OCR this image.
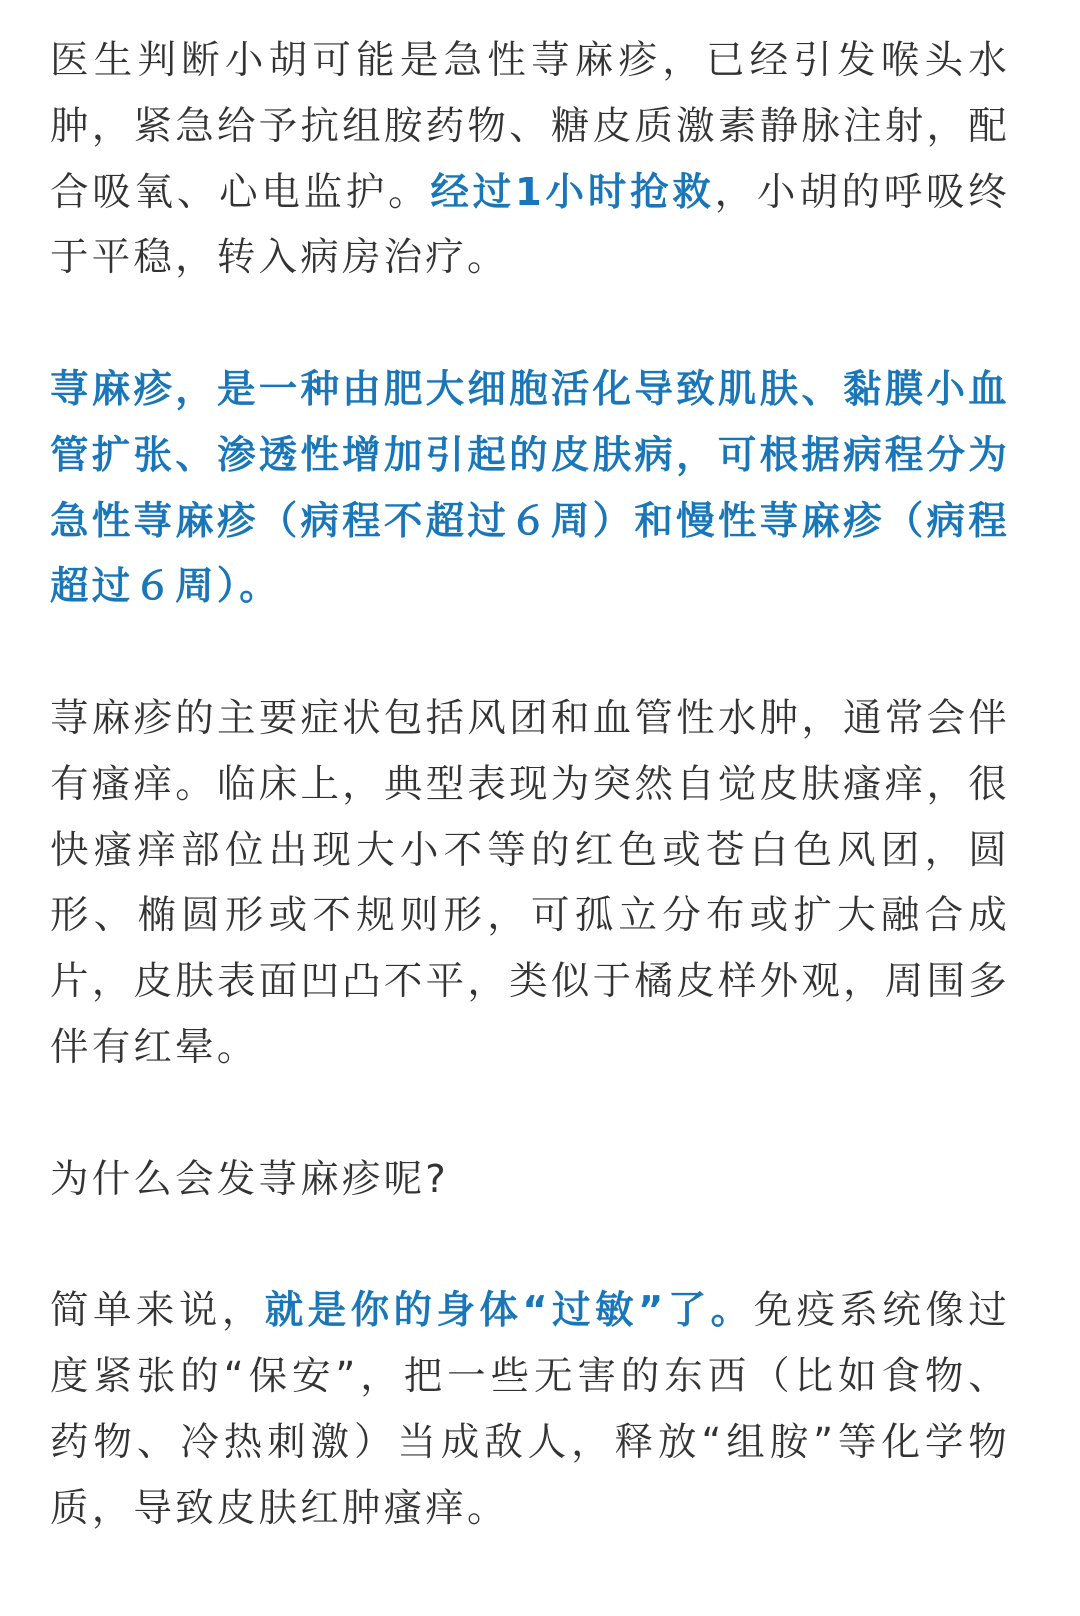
医生判断小胡可能是急性荨麻疹，已经引发喉头水肿，紧急给予抗组胺药物、糖皮质激素静脉注射，配合吸氧、心电监护。经过1小时抢救，小胡的呼吸终于平稳，转入病房治疗。

荨麻疹，是一种由肥大细胞活化导致肌肤、黏膜小血管扩张、渗透性增加引起的皮肤病，可根据病程分为急性荨麻疹（病程不超过６周）和慢性荨麻疹（病程超过６周）。

荨麻疹的主要症状包括风团和血管性水肿，通常会伴有瘙痒。临床上，典型表现为突然自觉皮肤瘙痒，很快瘙痒部位出现大小不等的红色或苍白色风团，圆形、椭圆形或不规则形，可孤立分布或扩大融合成片，皮肤表面凹凸不平，类似于橘皮样外观，周围多伴有红晕。

为什么会发荨麻疹呢?

简单来说，就是你的身体“过敏”了。免疫系统像过度紧张的“保安”，把一些无害的东西（比如食物、药物、冷热刺激）当成敌人，释放“组胺”等化学物质，导致皮肤红肿瘙痒。
